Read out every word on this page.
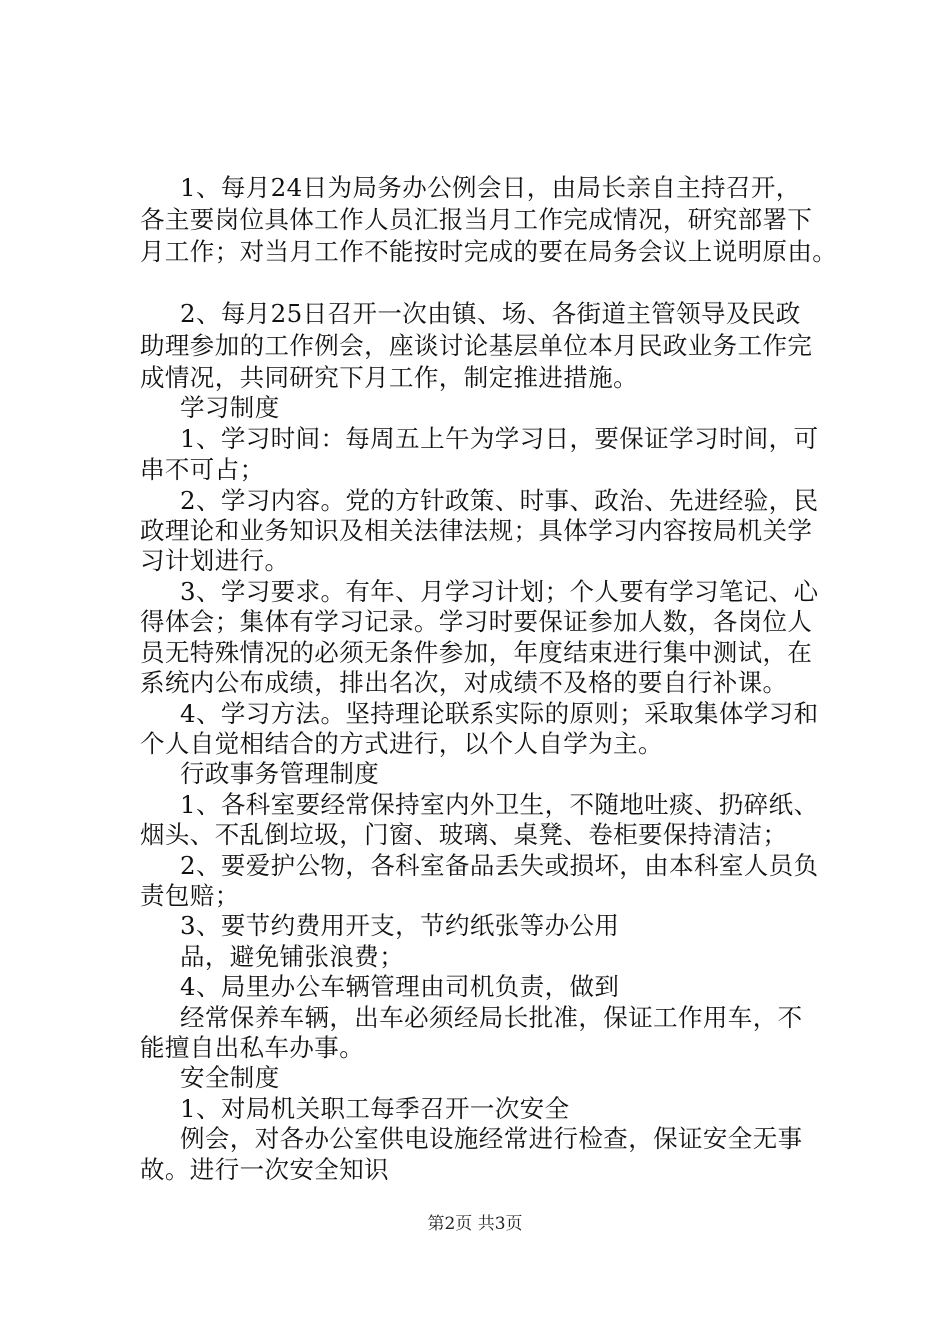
1、每月24日为局务办公例会日，由局长亲自主持召开，
各主要岗位具体工作人员汇报当月工作完成情况，研究部署下
月工作；对当月工作不能按时完成的要在局务会议上说明原由。
2、每月25日召开一次由镇、场、各街道主管领导及民政
助理参加的工作例会，座谈讨论基层单位本月民政业务工作完
成情况，共同研究下月工作，制定推进措施。
学习制度
1、学习时间：每周五上午为学习日，要保证学习时间，可
串不可占；
2、学习内容。党的方针政策、时事、政治、先进经验，民
政理论和业务知识及相关法律法规；具体学习内容按局机关学
习计划进行。
3、学习要求。有年、月学习计划；个人要有学习笔记、心
得体会；集体有学习记录。学习时要保证参加人数，各岗位人
员无特殊情况的必须无条件参加，年度结束进行集中测试，在
系统内公布成绩，排出名次，对成绩不及格的要自行补课。
4、学习方法。坚持理论联系实际的原则；采取集体学习和
个人自觉相结合的方式进行，以个人自学为主。
行政事务管理制度
1、各科室要经常保持室内外卫生，不随地吐痰、扔碎纸、
烟头、不乱倒垃圾，门窗、玻璃、桌凳、卷柜要保持清洁；
2、要爱护公物，各科室备品丢失或损坏，由本科室人员负
责包赔；
3、要节约费用开支，节约纸张等办公用
品，避免铺张浪费；
4、局里办公车辆管理由司机负责，做到
经常保养车辆，出车必须经局长批准，保证工作用车，不
能擅自出私车办事。
安全制度
1、对局机关职工每季召开一次安全
例会，对各办公室供电设施经常进行检查，保证安全无事
故。进行一次安全知识
第2页 共3页
